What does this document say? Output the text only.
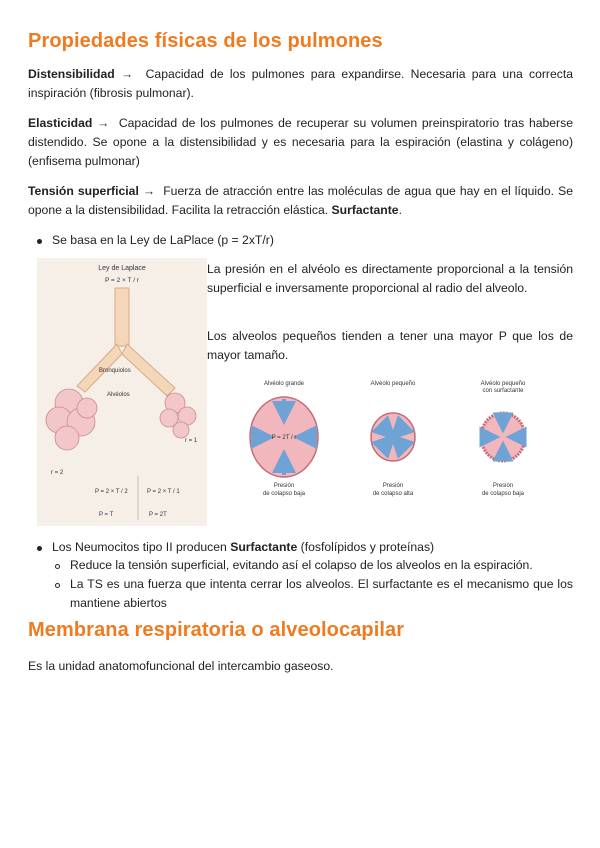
Propiedades físicas de los pulmones

Distensibilidad → Capacidad de los pulmones para expandirse. Necesaria para una correcta inspiración (fibrosis pulmonar).

Elasticidad → Capacidad de los pulmones de recuperar su volumen preinspiratorio tras haberse distendido. Se opone a la distensibilidad y es necesaria para la espiración (elastina y colágeno) (enfisema pulmonar)

Tensión superficial → Fuerza de atracción entre las moléculas de agua que hay en el líquido. Se opone a la distensibilidad. Facilita la retracción elástica. Surfactante.

Se basa en la Ley de LaPlace (p = 2xT/r)
Ley de Laplace
P = 2 × T / r
Bronquiolos
Alvéolos
r = 2
r = 1
P = 2 × T / 2	P = 2 × T / 1
P = T	P = 2T

La presión en el alvéolo es directamente proporcional a la tensión superficial e inversamente proporcional al radio del alveolo.

Los alveolos pequeños tienden a tener una mayor P que los de mayor tamaño.

Alvéolo grande	Alvéolo pequeño	Alvéolo pequeño
con surfactante
P = 2T / r
Presión
de colapso baja
Presión
de colapso alta
Presión
de colapso baja
Los Neumocitos tipo II producen Surfactante (fosfolípidos y proteínas)
Reduce la tensión superficial, evitando así el colapso de los alveolos en la espiración.
La TS es una fuerza que intenta cerrar los alveolos. El surfactante es el mecanismo que los mantiene abiertos
Membrana respiratoria o alveolocapilar

Es la unidad anatomofuncional del intercambio gaseoso.
